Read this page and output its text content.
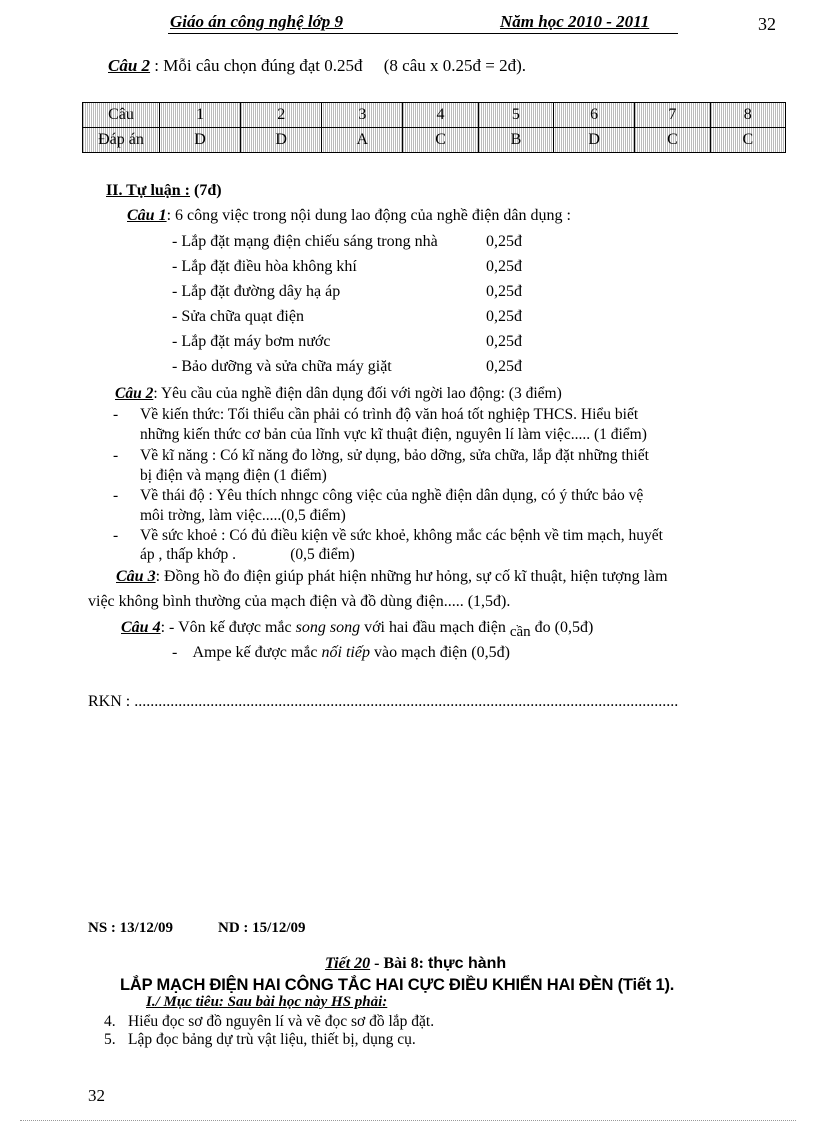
Giáo án công nghệ lớp 9	Năm học 2010 - 2011	32
Câu 2 : Mỗi câu chọn đúng đạt 0.25đ     (8 câu x 0.25đ = 2đ).
Câu	1	2	3	4	5	6	7	8
Đáp án	D	D	A	C	B	D	C	C
II. Tự luận : (7đ)
Câu 1: 6 công việc trong nội dung lao động của nghề điện dân dụng :
- Lắp đặt mạng điện chiếu sáng trong nhà	0,25đ
- Lắp đặt điều hòa không khí	0,25đ
- Lắp đặt đường dây hạ áp	0,25đ
- Sửa chữa quạt điện	0,25đ
- Lắp đặt máy bơm nước	0,25đ
- Bảo dưỡng và sửa chữa máy giặt	0,25đ
Câu 2: Yêu cầu của nghề điện dân dụng đối với ngời lao động: (3 điểm)
- Về kiến thức: Tối thiểu cần phải có trình độ văn hoá tốt nghiệp THCS. Hiểu biết
những kiến thức cơ bản của lĩnh vực kĩ thuật điện, nguyên lí làm việc..... (1 điểm)
- Về kĩ năng : Có kĩ năng đo lờng, sử dụng, bảo dỡng, sửa chữa, lắp đặt những thiết
bị điện và mạng điện (1 điểm)
- Về thái độ : Yêu thích nhngc công việc của nghề điện dân dụng, có ý thức bảo vệ
môi trờng, làm việc.....(0,5 điểm)
- Về sức khoẻ : Có đủ điều kiện về sức khoẻ, không mắc các bệnh về tim mạch, huyết
áp , thấp khớp .              (0,5 điểm)
Câu 3: Đồng hồ đo điện giúp phát hiện những hư hỏng, sự cố kĩ thuật, hiện tượng làm
việc không bình thường của mạch điện và đồ dùng điện..... (1,5đ).
Câu 4: - Vôn kế được mắc song song với hai đầu mạch điện cần đo (0,5đ)
-    Ampe kế được mắc nối tiếp vào mạch điện (0,5đ)
RKN : ........................................................................................................................................
NS : 13/12/09	ND : 15/12/09
Tiết 20 - Bài 8: thực hành
LẮP MẠCH ĐIỆN HAI CÔNG TẮC HAI CỰC ĐIỀU KHIỂN HAI ĐÈN (Tiết 1).
I./ Mục tiêu: Sau bài học này HS phải:
4. Hiểu đọc sơ đồ nguyên lí và vẽ đọc sơ đồ lắp đặt.
5. Lập đọc bảng dự trù vật liệu, thiết bị, dụng cụ.
32
